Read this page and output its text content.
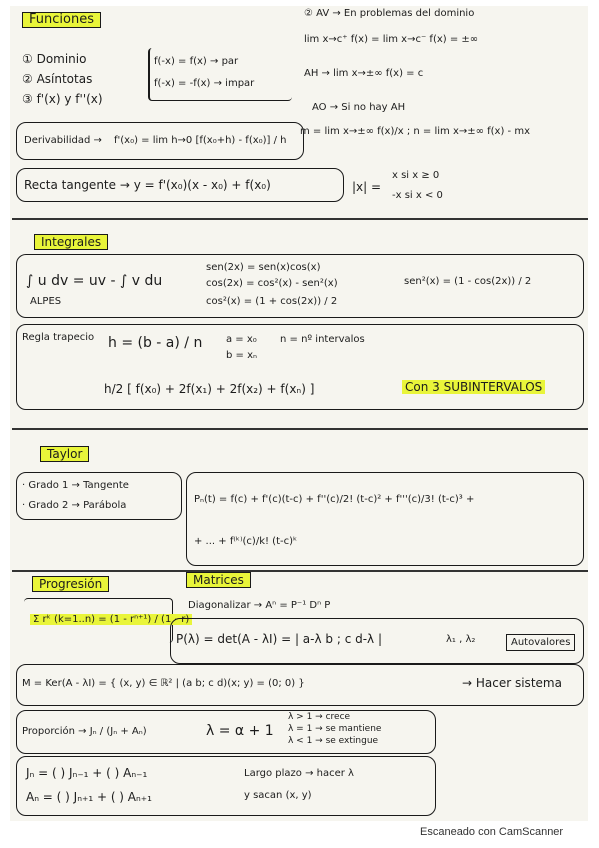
Funciones
① Dominio
② Asíntotas
③ f'(x) y f''(x)
f(-x) = f(x) → par
f(-x) = -f(x) → impar
② AV → En problemas del dominio
lim x→c⁺ f(x) = lim x→c⁻ f(x) = ±∞
AH → lim x→±∞ f(x) = c
AO → Si no hay AH
m = lim x→±∞ f(x)/x ; n = lim x→±∞ f(x) - mx
Derivabilidad → f'(x₀) = lim h→0 [f(x₀+h) - f(x₀)] / h
Recta tangente → y = f'(x₀)(x - x₀) + f(x₀)	|x| =
x si x ≥ 0
-x si x < 0
Integrales
∫ u dv = uv - ∫ v du
ALPES
sen(2x) = sen(x)cos(x)
cos(2x) = cos²(x) - sen²(x)
cos²(x) = (1 + cos(2x)) / 2
sen²(x) = (1 - cos(2x)) / 2
Regla trapecio h = (b - a) / n a = x₀ n = nº intervalos
b = xₙ
h/2 [ f(x₀) + 2f(x₁) + 2f(x₂) + f(xₙ) ]	Con 3 SUBINTERVALOS
Taylor
· Grado 1 → Tangente
· Grado 2 → Parábola
Pₙ(t) = f(c) + f'(c)(t-c) + f''(c)/2! (t-c)² + f'''(c)/3! (t-c)³ +
+ ... + f⁽ᵏ⁾(c)/k! (t-c)ᵏ
Progresión
Σ rᵏ (k=1..n) = (1 - rⁿ⁺¹) / (1 - r)
Matrices
Diagonalizar → Aⁿ = P⁻¹ Dⁿ P
P(λ) = det(A - λI) = | a-λ b ; c d-λ |	λ₁ , λ₂	Autovalores
M = Ker(A - λI) = { (x, y) ∈ ℝ² | (a b; c d)(x; y) = (0; 0) }	→ Hacer sistema
Proporción → Jₙ / (Jₙ + Aₙ)	λ = α + 1
λ > 1 → crece
λ = 1 → se mantiene
λ < 1 → se extingue
Jₙ = ( ) Jₙ₋₁ + ( ) Aₙ₋₁
Aₙ = ( ) Jₙ₊₁ + ( ) Aₙ₊₁
Largo plazo → hacer λ
y sacan (x, y)
Escaneado con CamScanner
